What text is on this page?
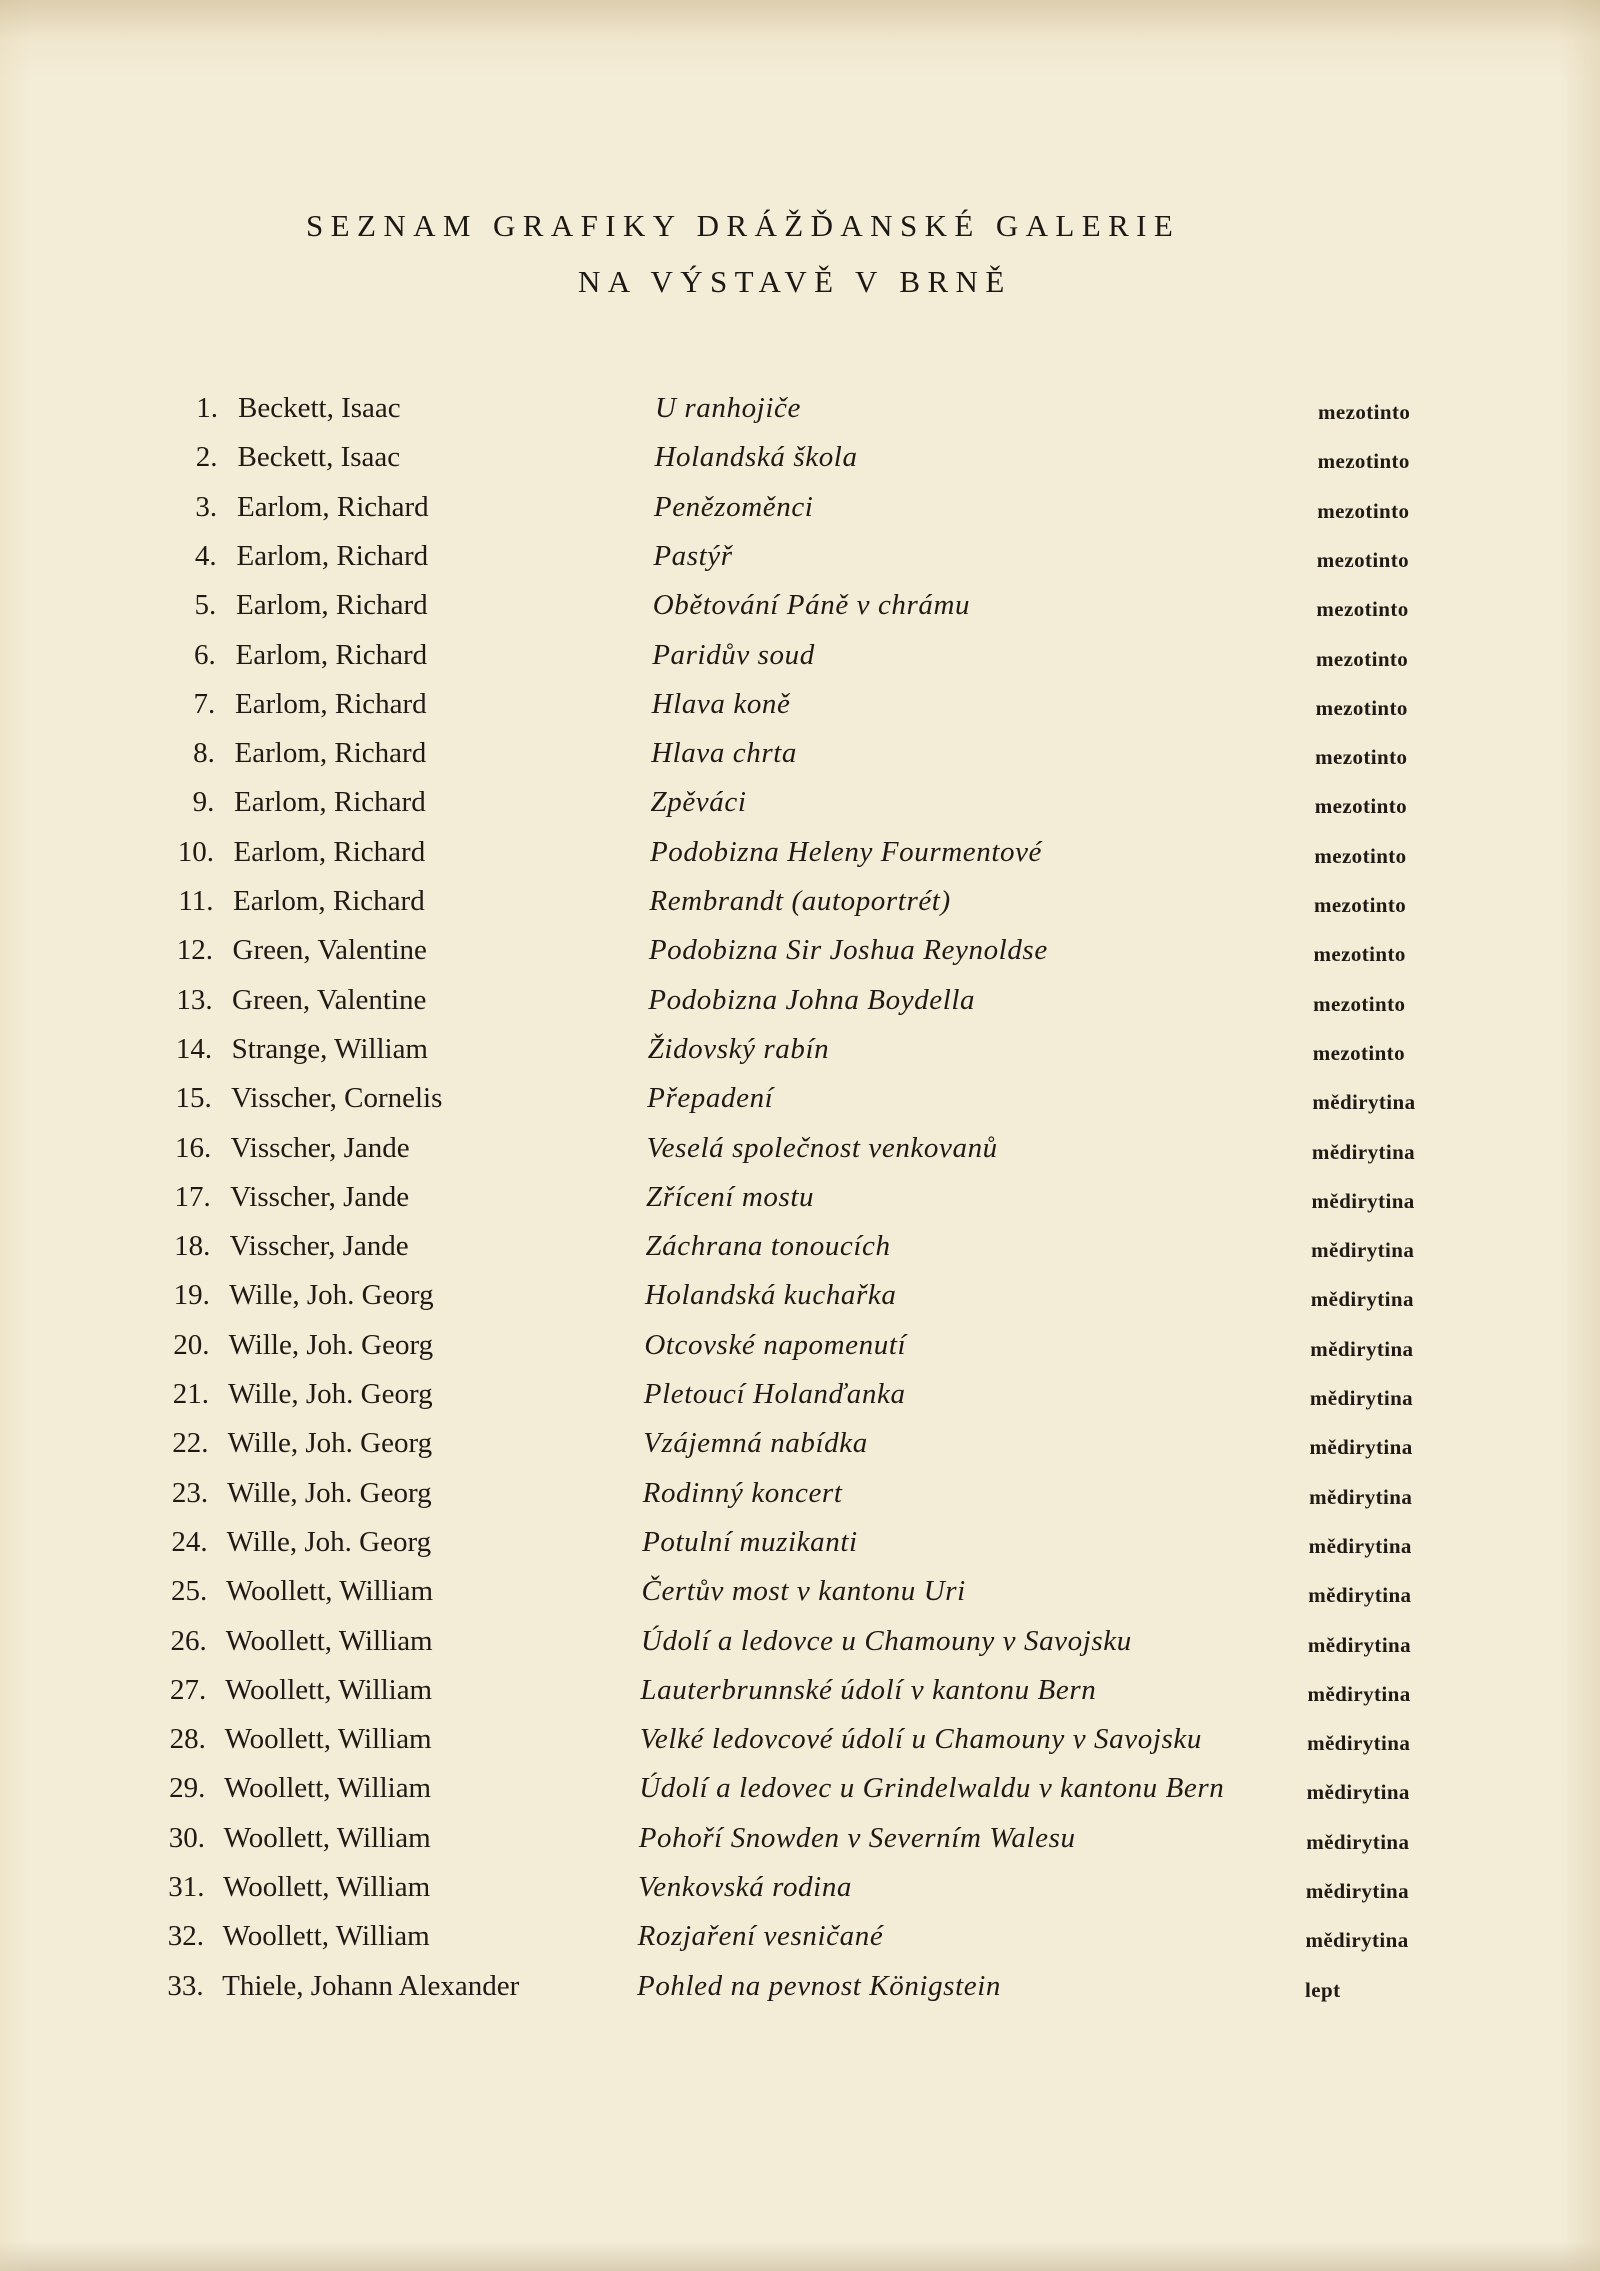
SEZNAM GRAFIKY DRÁŽĎANSKÉ GALERIE
NA VÝSTAVĚ V BRNĚ
1. Beckett, Isaac	U ranhojiče	mezotinto
2. Beckett, Isaac	Holandská škola	mezotinto
3. Earlom, Richard	Penězoměnci	mezotinto
4. Earlom, Richard	Pastýř	mezotinto
5. Earlom, Richard	Obětování Páně v chrámu	mezotinto
6. Earlom, Richard	Paridův soud	mezotinto
7. Earlom, Richard	Hlava koně	mezotinto
8. Earlom, Richard	Hlava chrta	mezotinto
9. Earlom, Richard	Zpěváci	mezotinto
10. Earlom, Richard	Podobizna Heleny Fourmentové	mezotinto
11. Earlom, Richard	Rembrandt (autoportrét)	mezotinto
12. Green, Valentine	Podobizna Sir Joshua Reynoldse	mezotinto
13. Green, Valentine	Podobizna Johna Boydella	mezotinto
14. Strange, William	Židovský rabín	mezotinto
15. Visscher, Cornelis	Přepadení	mědirytina
16. Visscher, Jande	Veselá společnost venkovanů	mědirytina
17. Visscher, Jande	Zřícení mostu	mědirytina
18. Visscher, Jande	Záchrana tonoucích	mědirytina
19. Wille, Joh. Georg	Holandská kuchařka	mědirytina
20. Wille, Joh. Georg	Otcovské napomenutí	mědirytina
21. Wille, Joh. Georg	Pletoucí Holanďanka	mědirytina
22. Wille, Joh. Georg	Vzájemná nabídka	mědirytina
23. Wille, Joh. Georg	Rodinný koncert	mědirytina
24. Wille, Joh. Georg	Potulní muzikanti	mědirytina
25. Woollett, William	Čertův most v kantonu Uri	mědirytina
26. Woollett, William	Údolí a ledovce u Chamouny v Savojsku	mědirytina
27. Woollett, William	Lauterbrunnské údolí v kantonu Bern	mědirytina
28. Woollett, William	Velké ledovcové údolí u Chamouny v Savojsku	mědirytina
29. Woollett, William	Údolí a ledovec u Grindelwaldu v kantonu Bern	mědirytina
30. Woollett, William	Pohoří Snowden v Severním Walesu	mědirytina
31. Woollett, William	Venkovská rodina	mědirytina
32. Woollett, William	Rozjaření vesničané	mědirytina
33. Thiele, Johann Alexander	Pohled na pevnost Königstein	lept
